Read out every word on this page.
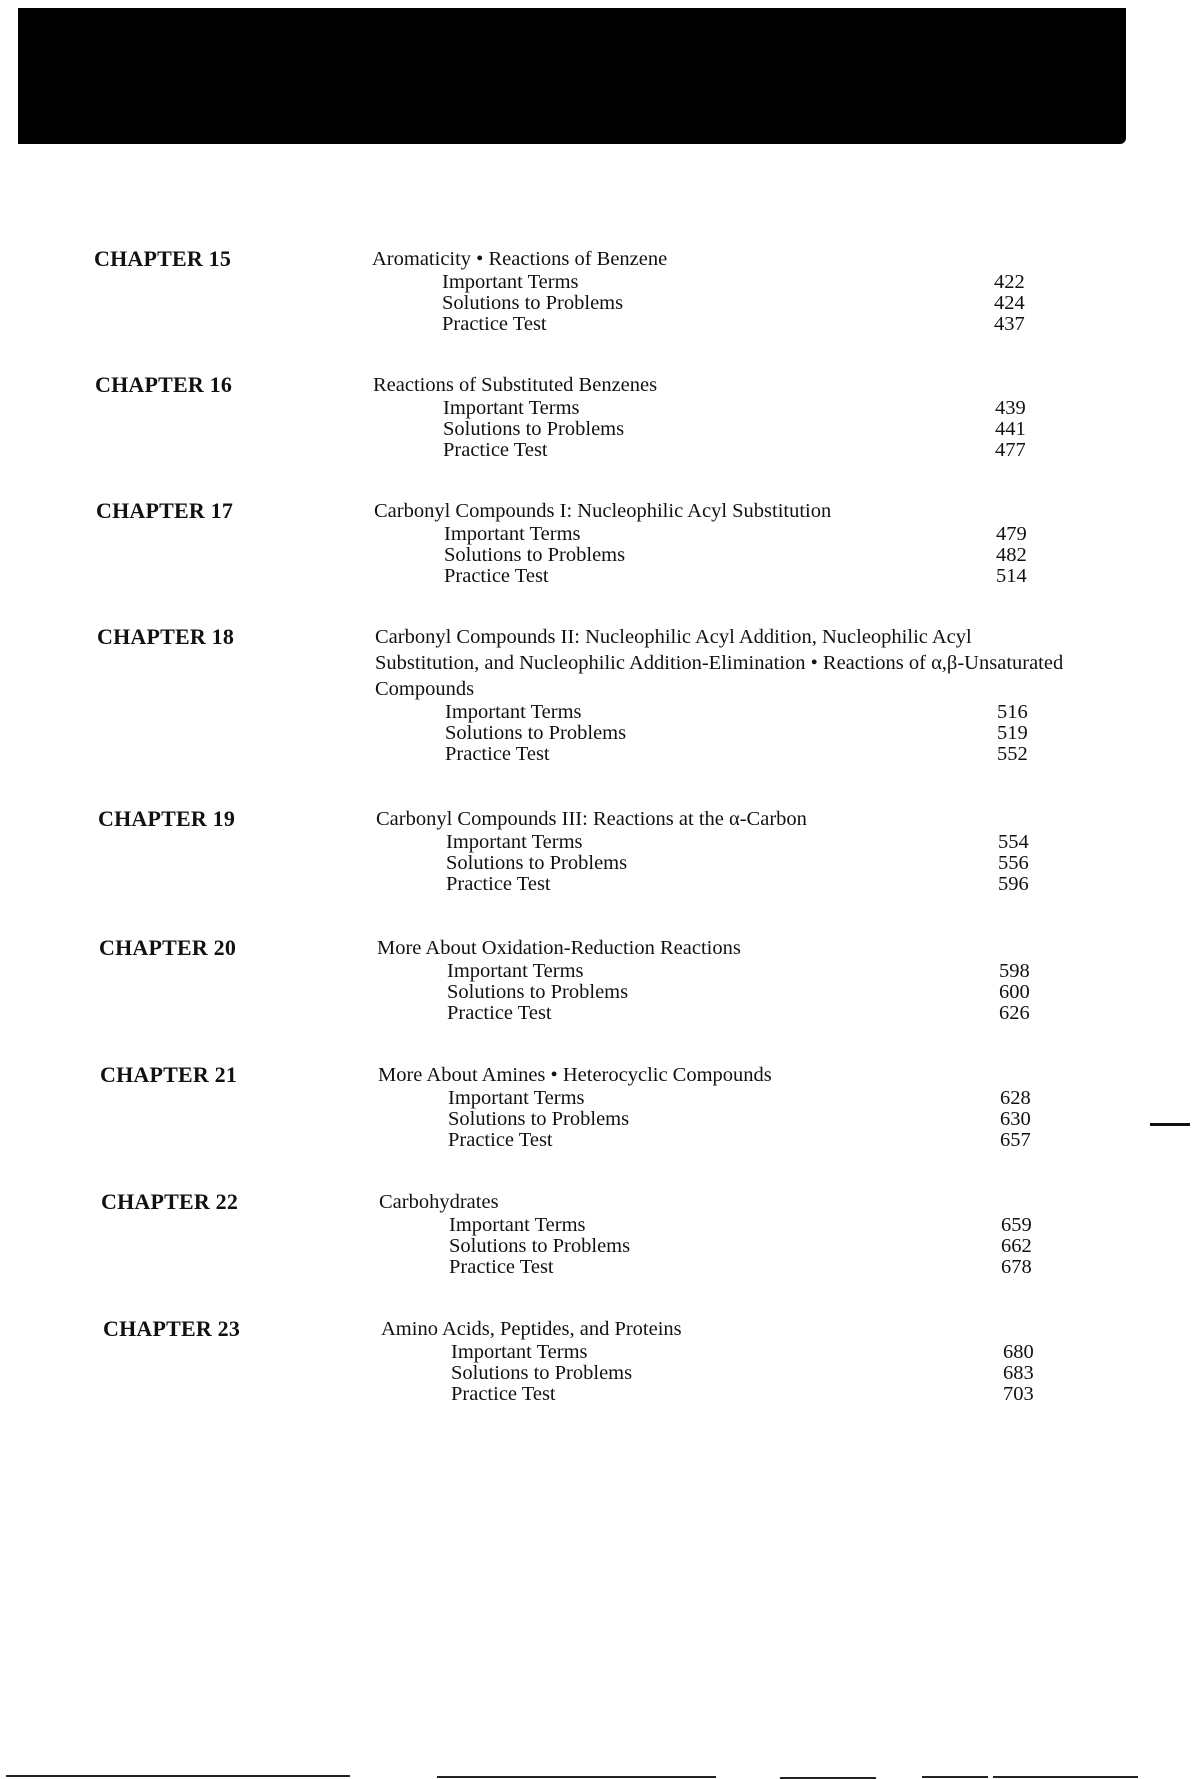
CHAPTER 15	Aromaticity • Reactions of Benzene
Important Terms	422
Solutions to Problems	424
Practice Test	437
CHAPTER 16	Reactions of Substituted Benzenes
Important Terms	439
Solutions to Problems	441
Practice Test	477
CHAPTER 17	Carbonyl Compounds I: Nucleophilic Acyl Substitution
Important Terms	479
Solutions to Problems	482
Practice Test	514
CHAPTER 18	Carbonyl Compounds II: Nucleophilic Acyl Addition, Nucleophilic Acyl Substitution, and Nucleophilic Addition-Elimination • Reactions of α,β-Unsaturated Compounds
Important Terms	516
Solutions to Problems	519
Practice Test	552
CHAPTER 19	Carbonyl Compounds III: Reactions at the α-Carbon
Important Terms	554
Solutions to Problems	556
Practice Test	596
CHAPTER 20	More About Oxidation-Reduction Reactions
Important Terms	598
Solutions to Problems	600
Practice Test	626
CHAPTER 21	More About Amines • Heterocyclic Compounds
Important Terms	628
Solutions to Problems	630
Practice Test	657
CHAPTER 22	Carbohydrates
Important Terms	659
Solutions to Problems	662
Practice Test	678
CHAPTER 23	Amino Acids, Peptides, and Proteins
Important Terms	680
Solutions to Problems	683
Practice Test	703
